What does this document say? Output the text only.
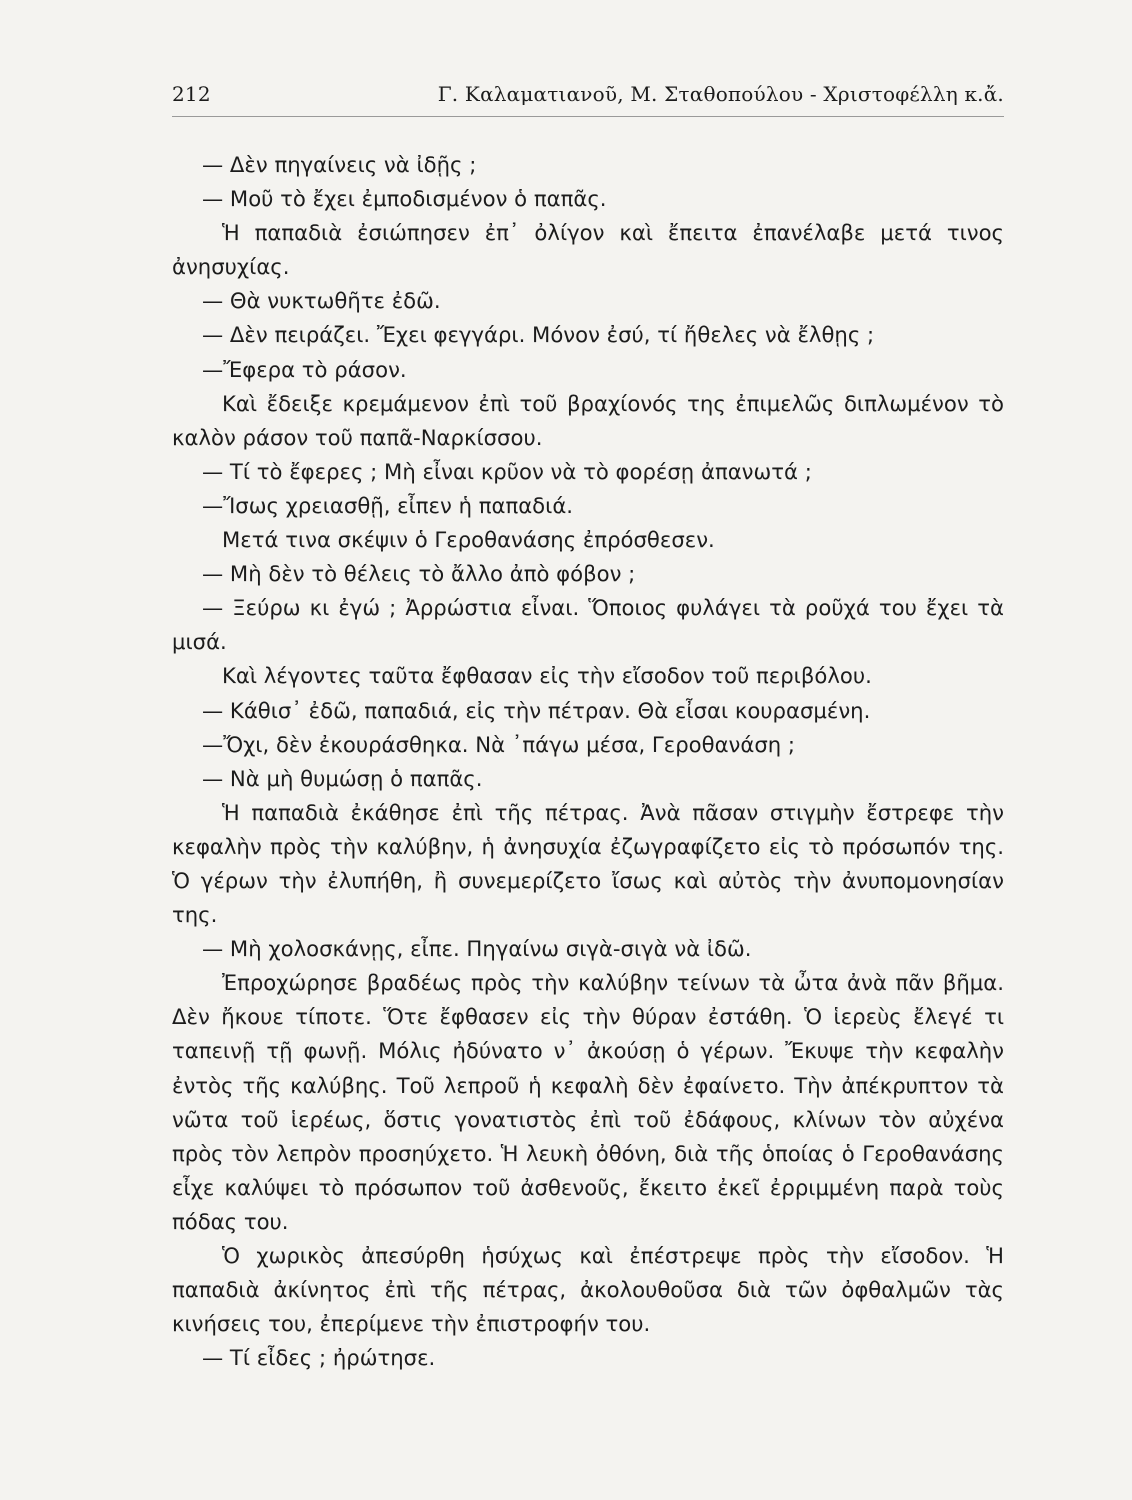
212	Γ. Καλαματιανοῦ, Μ. Σταθοπούλου - Χριστοφέλλη κ.ἄ.

— Δὲν πηγαίνεις νὰ ἰδῇς ;

— Μοῦ τὸ ἔχει ἐμποδισμένον ὁ παπᾶς.

Ἡ παπαδιὰ ἐσιώπησεν ἐπ᾽ ὀλίγον καὶ ἔπειτα ἐπανέλαβε μετά τινος ἀνησυχίας.

— Θὰ νυκτωθῆτε ἐδῶ.

— Δὲν πειράζει. Ἔχει φεγγάρι. Μόνον ἐσύ, τί ἤθελες νὰ ἔλθῃς ;

—Ἔφερα τὸ ράσον.

Καὶ ἔδειξε κρεμάμενον ἐπὶ τοῦ βραχίονός της ἐπιμελῶς διπλωμένον τὸ καλὸν ράσον τοῦ παπᾶ-Ναρκίσσου.

— Τί τὸ ἔφερες ; Μὴ εἶναι κρῦον νὰ τὸ φορέσῃ ἀπανωτά ;

—Ἴσως χρειασθῇ, εἶπεν ἡ παπαδιά.

Μετά τινα σκέψιν ὁ Γεροθανάσης ἐπρόσθεσεν.

— Μὴ δὲν τὸ θέλεις τὸ ἄλλο ἀπὸ φόβον ;

— Ξεύρω κι ἐγώ ; Ἀρρώστια εἶναι. Ὅποιος φυλάγει τὰ ροῦχά του ἔχει τὰ μισά.

Καὶ λέγοντες ταῦτα ἔφθασαν εἰς τὴν εἴσοδον τοῦ περιβόλου.

— Κάθισ᾽ ἐδῶ, παπαδιά, εἰς τὴν πέτραν. Θὰ εἶσαι κουρασμένη.

—Ὄχι, δὲν ἐκουράσθηκα. Νὰ ᾽πάγω μέσα, Γεροθανάση ;

— Νὰ μὴ θυμώσῃ ὁ παπᾶς.

Ἡ παπαδιὰ ἐκάθησε ἐπὶ τῆς πέτρας. Ἀνὰ πᾶσαν στιγμὴν ἔστρεφε τὴν κεφαλὴν πρὸς τὴν καλύβην, ἡ ἀνησυχία ἐζωγραφίζετο εἰς τὸ πρόσωπόν της. Ὁ γέρων τὴν ἐλυπήθη, ἢ συνεμερίζετο ἴσως καὶ αὐτὸς τὴν ἀνυπομονησίαν της.

— Μὴ χολοσκάνῃς, εἶπε. Πηγαίνω σιγὰ-σιγὰ νὰ ἰδῶ.

Ἐπροχώρησε βραδέως πρὸς τὴν καλύβην τείνων τὰ ὦτα ἀνὰ πᾶν βῆμα. Δὲν ἤκουε τίποτε. Ὅτε ἔφθασεν εἰς τὴν θύραν ἐστάθη. Ὁ ἱερεὺς ἔλεγέ τι ταπεινῇ τῇ φωνῇ. Μόλις ἠδύνατο ν᾽ ἀκούσῃ ὁ γέρων. Ἔκυψε τὴν κεφαλὴν ἐντὸς τῆς καλύβης. Τοῦ λεπροῦ ἡ κεφαλὴ δὲν ἐφαίνετο. Τὴν ἀπέκρυπτον τὰ νῶτα τοῦ ἱερέως, ὅστις γονατιστὸς ἐπὶ τοῦ ἐδάφους, κλίνων τὸν αὐχένα πρὸς τὸν λεπρὸν προσηύχετο. Ἡ λευκὴ ὀθόνη, διὰ τῆς ὁποίας ὁ Γεροθανάσης εἶχε καλύψει τὸ πρόσωπον τοῦ ἀσθενοῦς, ἔκειτο ἐκεῖ ἐρριμμένη παρὰ τοὺς πόδας του.

Ὁ χωρικὸς ἀπεσύρθη ἡσύχως καὶ ἐπέστρεψε πρὸς τὴν εἴσοδον. Ἡ παπαδιὰ ἀκίνητος ἐπὶ τῆς πέτρας, ἀκολουθοῦσα διὰ τῶν ὀφθαλμῶν τὰς κινήσεις του, ἐπερίμενε τὴν ἐπιστροφήν του.

— Τί εἶδες ; ἠρώτησε.
